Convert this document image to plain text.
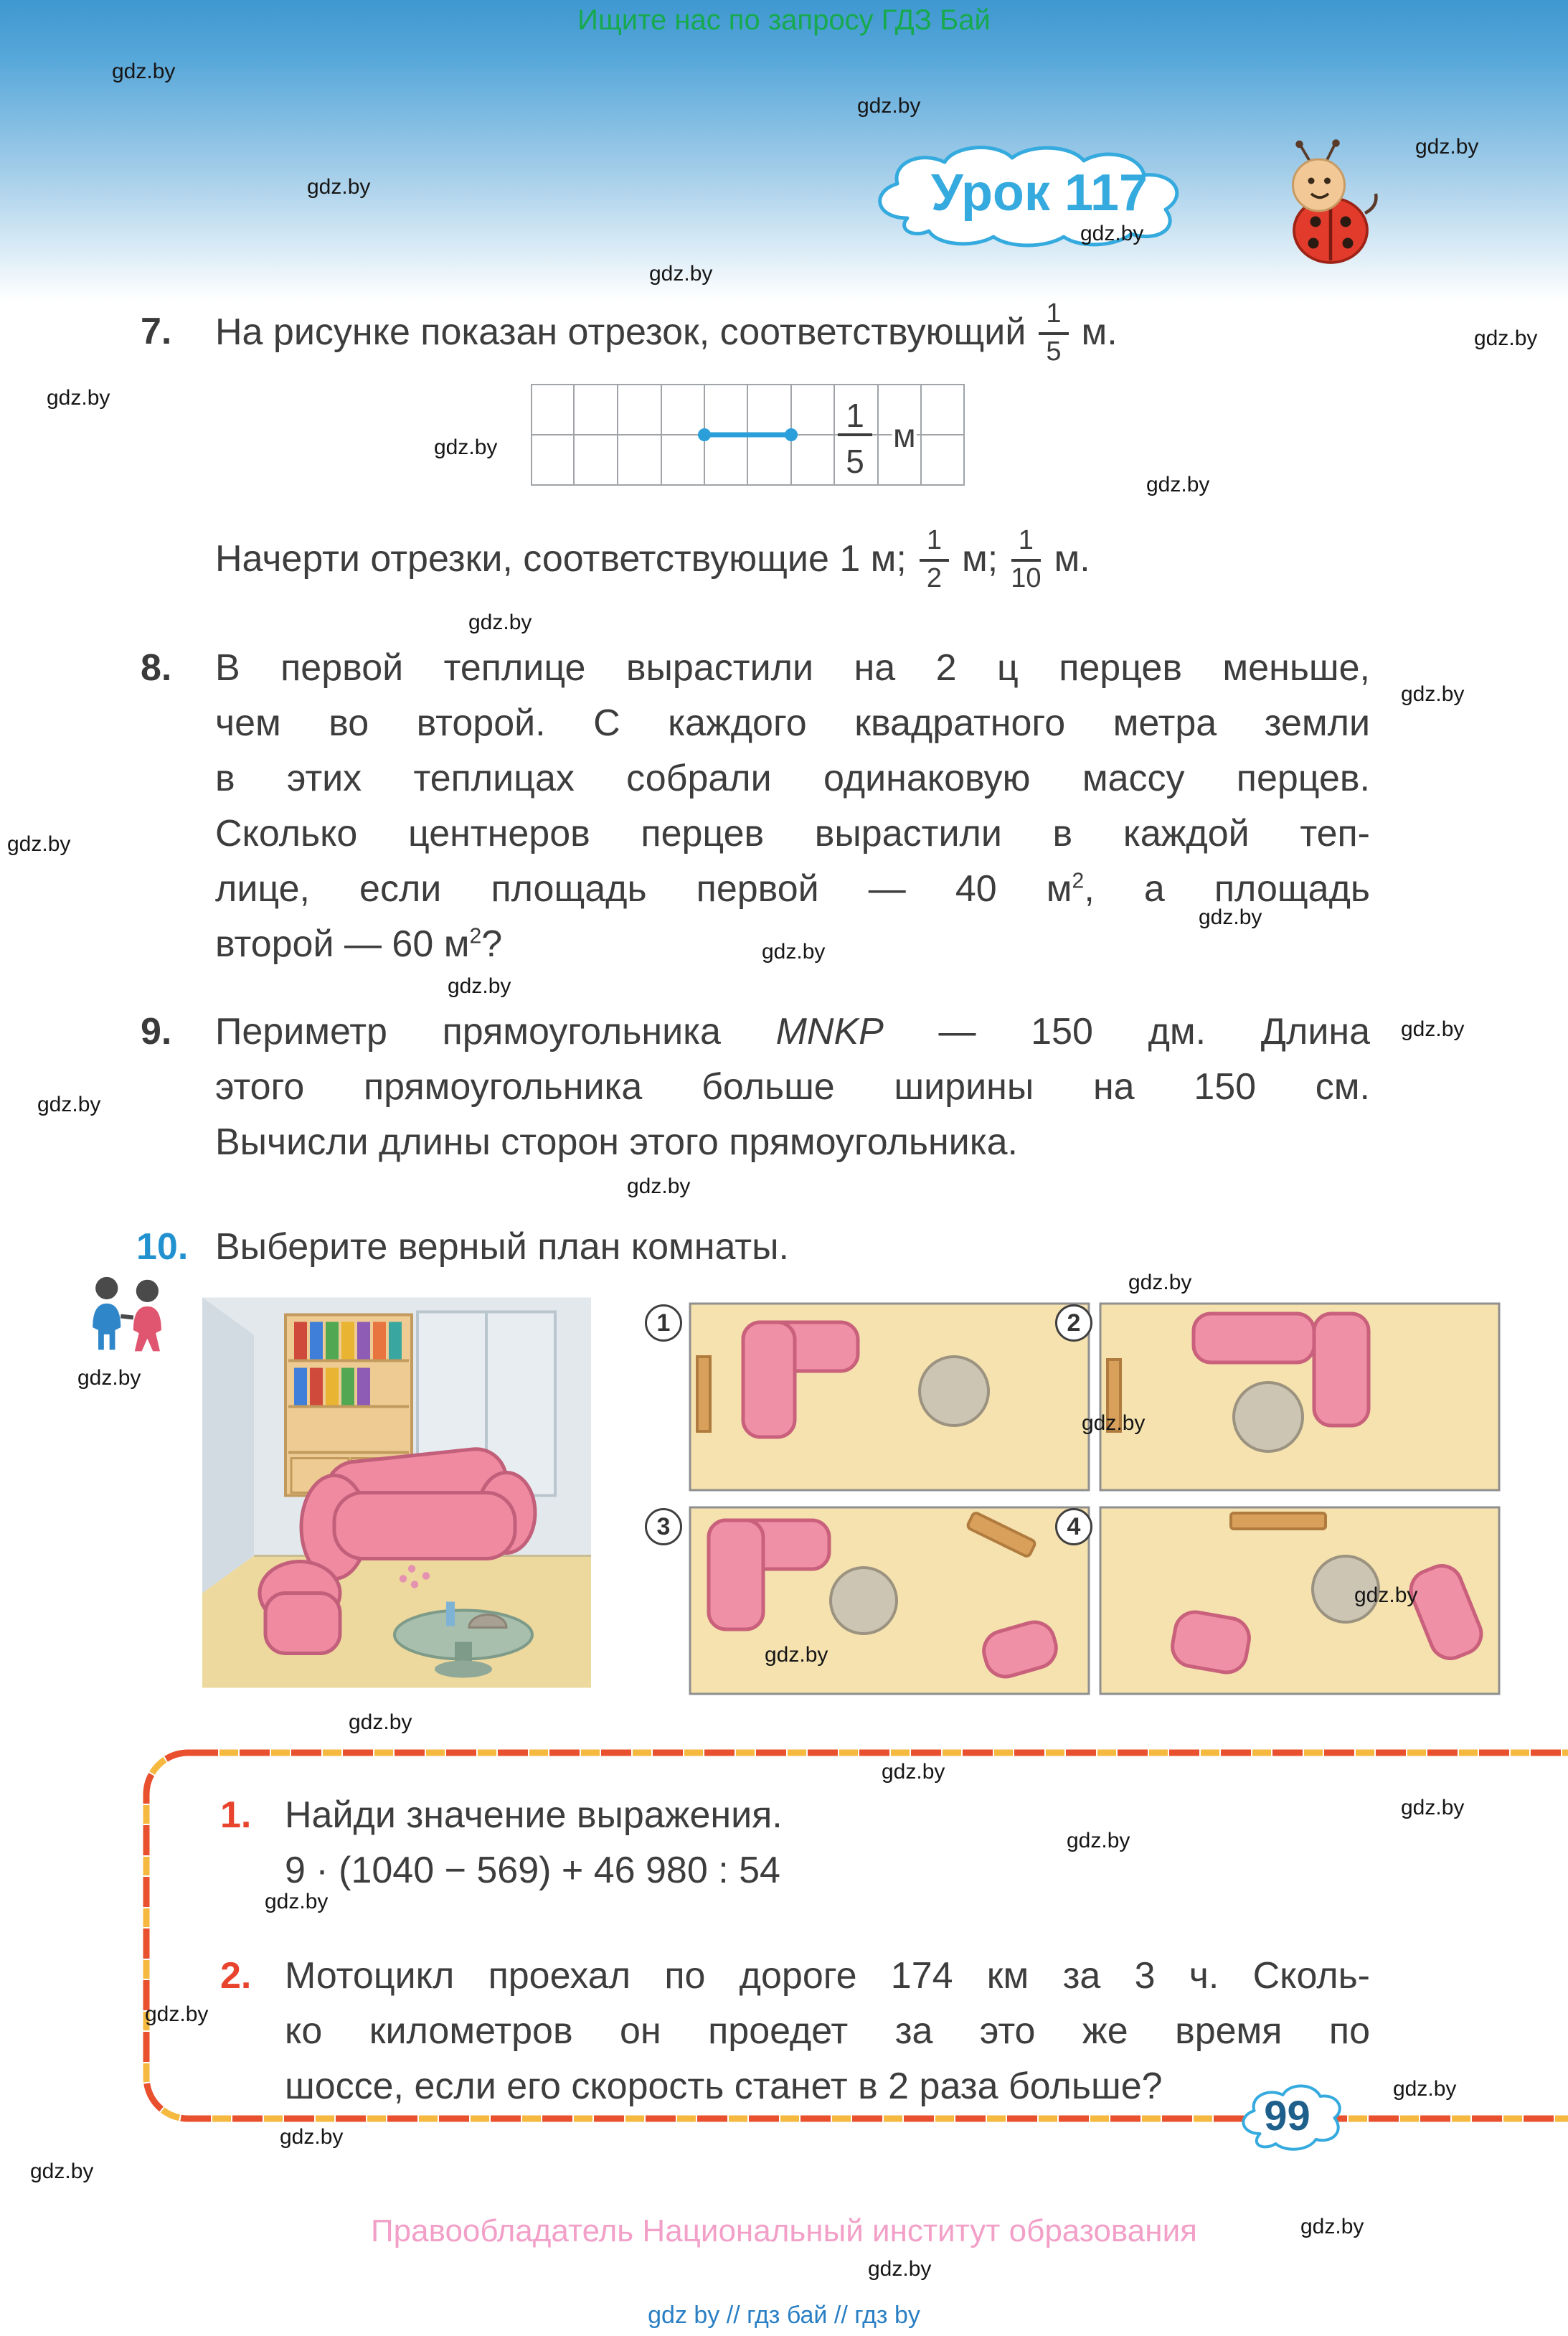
Ищите нас по запросу ГДЗ Бай
Урок 117
7. На рисунке показан отрезок, соответствующий $\frac{1}{5} м$.
1
5
м
Начерти отрезки, соответствующие 1 м; $\frac{1}{2} м$; $\frac{1}{10} м$.
8. В первой теплице вырастили на 2 ц перцев меньше,
чем во второй. С каждого квадратного метра земли
в этих теплицах собрали одинаковую массу перцев.
Сколько центнеров перцев вырастили в каждой теп-
лице, если площадь первой — 40 $м^2$, а площадь
второй — 60 $м^2$?
9. Периметр прямоугольника MNKP — 150 дм. Длина
этого прямоугольника больше ширины на 150 см.
Вычисли длины сторон этого прямоугольника.
10. Выберите верный план комнаты.
1	2
3	4
1. Найди значение выражения.
9 · (1040 − 569) + 46 980 : 54
2. Мотоцикл проехал по дороге 174 км за 3 ч. Сколь-
ко километров он проедет за это же время по
шоссе, если его скорость станет в 2 раза больше?
99
Правообладатель Национальный институт образования
gdz by // гдз бай // гдз by
gdz.by
gdz.by
gdz.by
gdz.by
gdz.by
gdz.by
gdz.by
gdz.by
gdz.by
gdz.by
gdz.by
gdz.by
gdz.by
gdz.by
gdz.by
gdz.by
gdz.by
gdz.by
gdz.by
gdz.by
gdz.by
gdz.by
gdz.by
gdz.by
gdz.by
gdz.by
gdz.by
gdz.by
gdz.by
gdz.by
gdz.by
gdz.by
gdz.by
gdz.by
gdz.by
